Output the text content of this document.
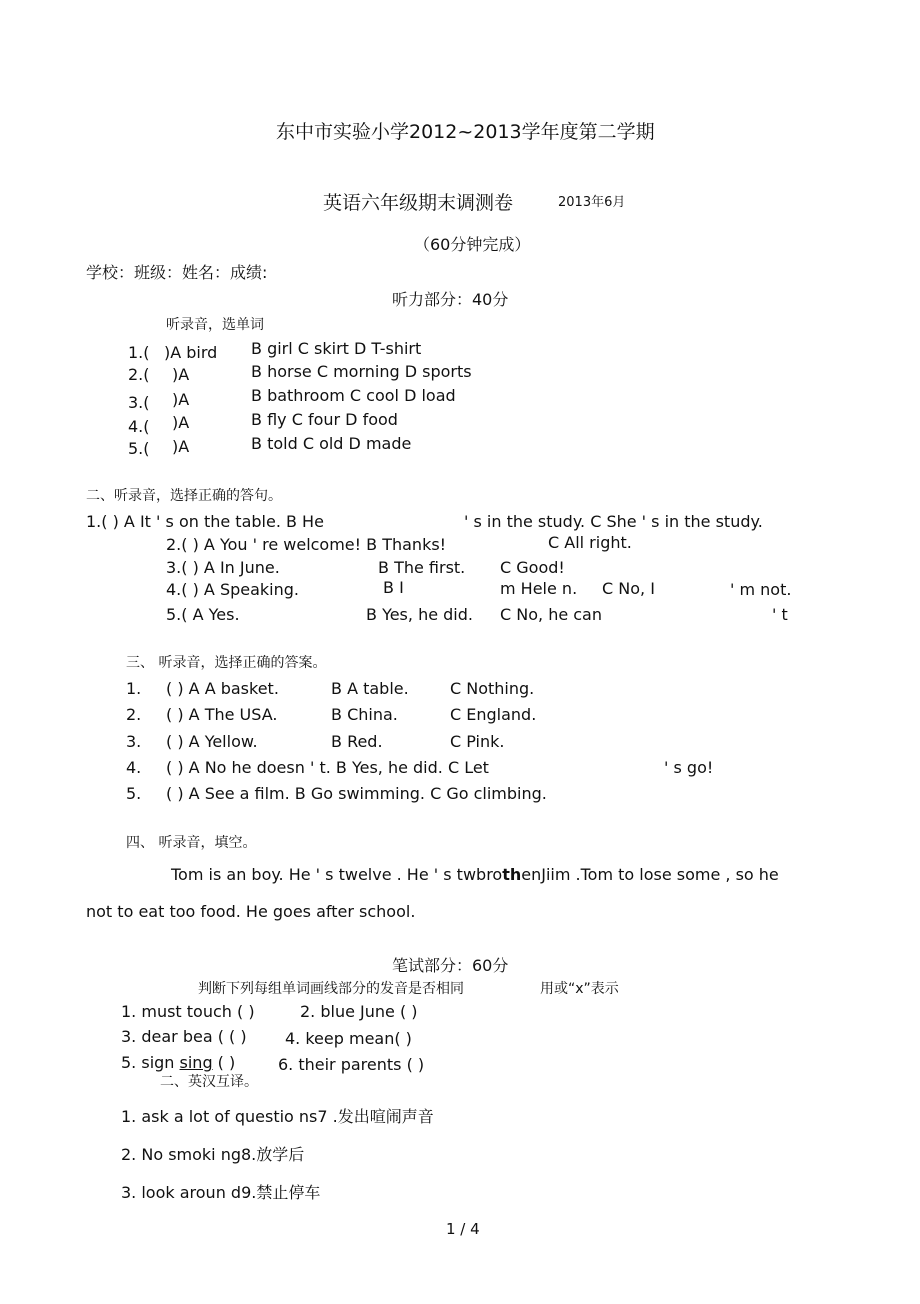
东中市实验小学2012~2013学年度第二学期
英语六年级期末调测卷	2013年6月
（60分钟完成）
学校：班级：姓名：成绩:
听力部分：40分
听录音，选单词
1.( )A bird B girl C skirt D T-shirt
2.( )A	B horse C morning D sports
3.( )A	B bathroom C cool D load
4.( )A	B fly C four D food
5.( )A	B told C old D made
二、听录音，选择正确的答句。
1.( ) A It ' s on the table. B He	' s in the study. C She ' s in the study.
2.( ) A You ' re welcome! B Thanks!	C All right.
3.( ) A In June.	B The first. C Good!
4.( ) A Speaking.	B I	m Hele n. C No, I	' m not.
5.( A Yes.	B Yes, he did. C No, he can	' t
三、 听录音，选择正确的答案。
1. ( ) A A basket.	B A table.	C Nothing.
2. ( ) A The USA.	B China.	C England.
3. ( ) A Yellow.	B Red.	C Pink.
4. ( ) A No he doesn ' t. B Yes, he did. C Let	' s go!
5. ( ) A See a film. B Go swimming. C Go climbing.
四、 听录音，填空。
Tom is an boy. He ' s twelve . He ' s twbrothenJiim .Tom to lose some , so he
not to eat too food. He goes after school.
笔试部分：60分
判断下列每组单词画线部分的发音是否相同	用或“x”表示
1. must touch ( )	2. blue June ( )
3. dear bea ( ( ) 4. keep mean( )
5. sign sing ( )	6. their parents ( )
二、英汉互译。
1. ask a lot of questio ns7 .发出喧闹声音
2. No smoki ng8.放学后
3. look aroun d9.禁止停车
1 / 4
